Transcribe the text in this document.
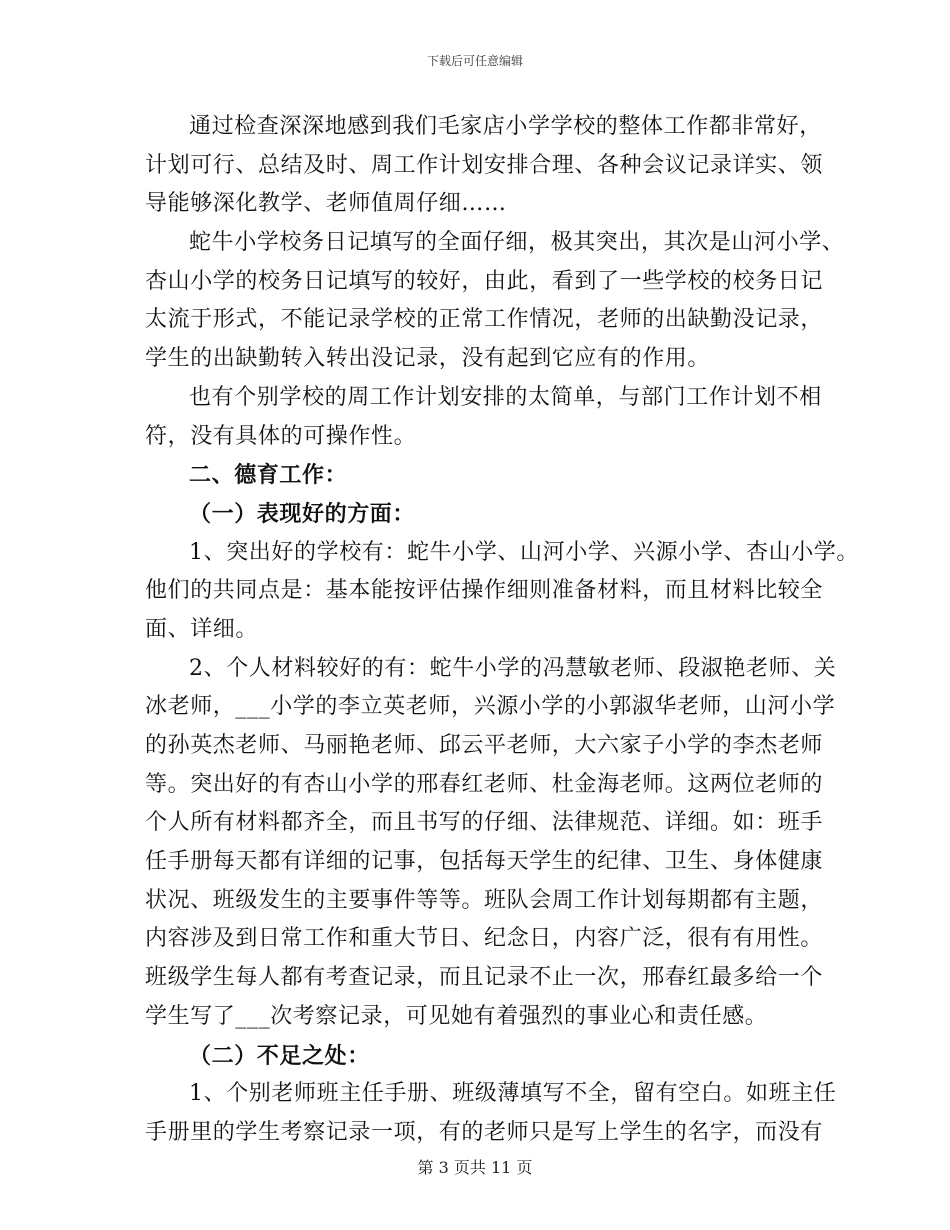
下载后可任意编辑
通过检查深深地感到我们毛家店小学学校的整体工作都非常好，
计划可行、总结及时、周工作计划安排合理、各种会议记录详实、领
导能够深化教学、老师值周仔细……
蛇牛小学校务日记填写的全面仔细，极其突出，其次是山河小学、
杏山小学的校务日记填写的较好，由此，看到了一些学校的校务日记
太流于形式，不能记录学校的正常工作情况，老师的出缺勤没记录，
学生的出缺勤转入转出没记录，没有起到它应有的作用。
也有个别学校的周工作计划安排的太简单，与部门工作计划不相
符，没有具体的可操作性。
二、德育工作：
（一）表现好的方面：
1、突出好的学校有：蛇牛小学、山河小学、兴源小学、杏山小学。
他们的共同点是：基本能按评估操作细则准备材料，而且材料比较全
面、详细。
2、个人材料较好的有：蛇牛小学的冯慧敏老师、段淑艳老师、关
冰老师，___小学的李立英老师，兴源小学的小郭淑华老师，山河小学
的孙英杰老师、马丽艳老师、邱云平老师，大六家子小学的李杰老师
等。突出好的有杏山小学的邢春红老师、杜金海老师。这两位老师的
个人所有材料都齐全，而且书写的仔细、法律规范、详细。如：班手
任手册每天都有详细的记事，包括每天学生的纪律、卫生、身体健康
状况、班级发生的主要事件等等。班队会周工作计划每期都有主题，
内容涉及到日常工作和重大节日、纪念日，内容广泛，很有有用性。
班级学生每人都有考查记录，而且记录不止一次，邢春红最多给一个
学生写了___次考察记录，可见她有着强烈的事业心和责任感。
（二）不足之处：
1、个别老师班主任手册、班级薄填写不全，留有空白。如班主任
手册里的学生考察记录一项，有的老师只是写上学生的名字，而没有
第 3 页共 11 页
